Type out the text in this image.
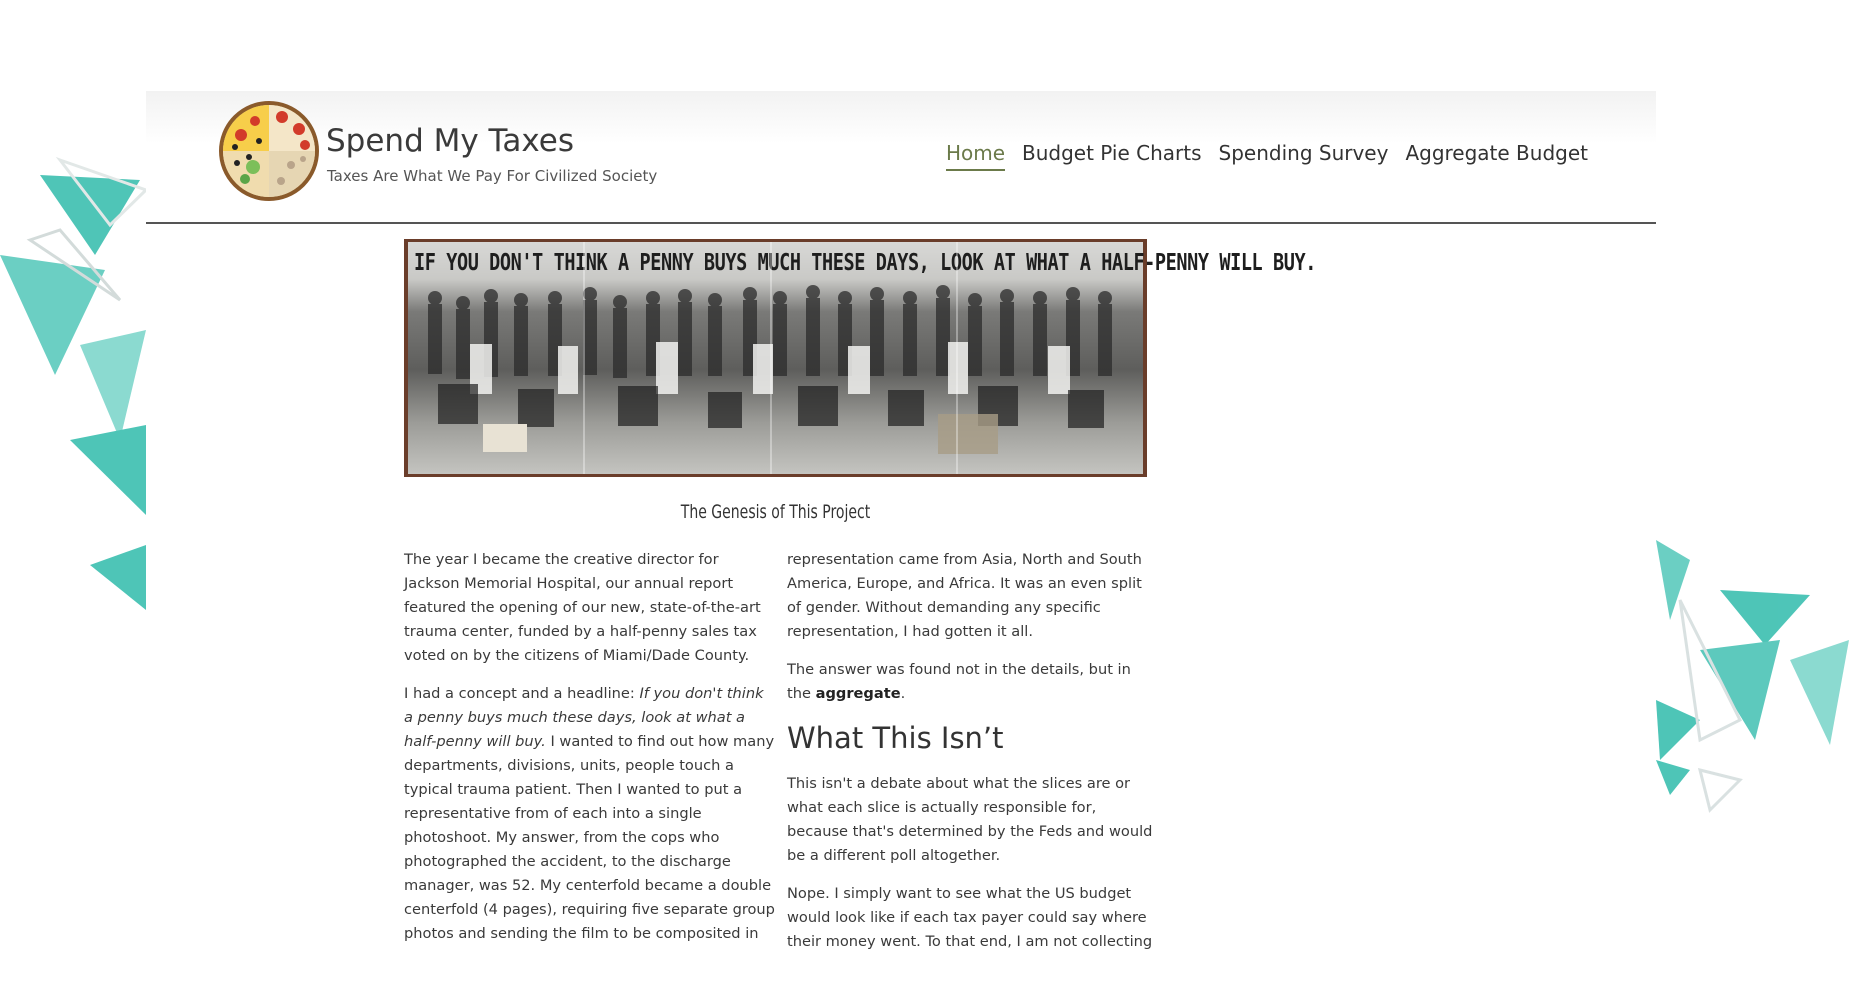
Spend My Taxes
Taxes Are What We Pay For Civilized Society
Home Budget Pie Charts Spending Survey Aggregate Budget
IF YOU DON'T THINK A PENNY BUYS MUCH THESE DAYS, LOOK AT WHAT A HALF-PENNY WILL BUY.
The Genesis of This Project

The year I became the creative director for Jackson Memorial Hospital, our annual report featured the opening of our new, state-of-the-art trauma center, funded by a half-penny sales tax voted on by the citizens of Miami/Dade County.

I had a concept and a headline: If you don't think a penny buys much these days, look at what a half-penny will buy. I wanted to find out how many departments, divisions, units, people touch a typical trauma patient. Then I wanted to put a representative from of each into a single photoshoot. My answer, from the cops who photographed the accident, to the discharge manager, was 52. My centerfold became a double centerfold (4 pages), requiring five separate group photos and sending the film to be composited in

representation came from Asia, North and South America, Europe, and Africa. It was an even split of gender. Without demanding any specific representation, I had gotten it all.

The answer was found not in the details, but in the aggregate.

What This Isn’t

This isn't a debate about what the slices are or what each slice is actually responsible for, because that's determined by the Feds and would be a different poll altogether.

Nope. I simply want to see what the US budget would look like if each tax payer could say where their money went. To that end, I am not collecting
